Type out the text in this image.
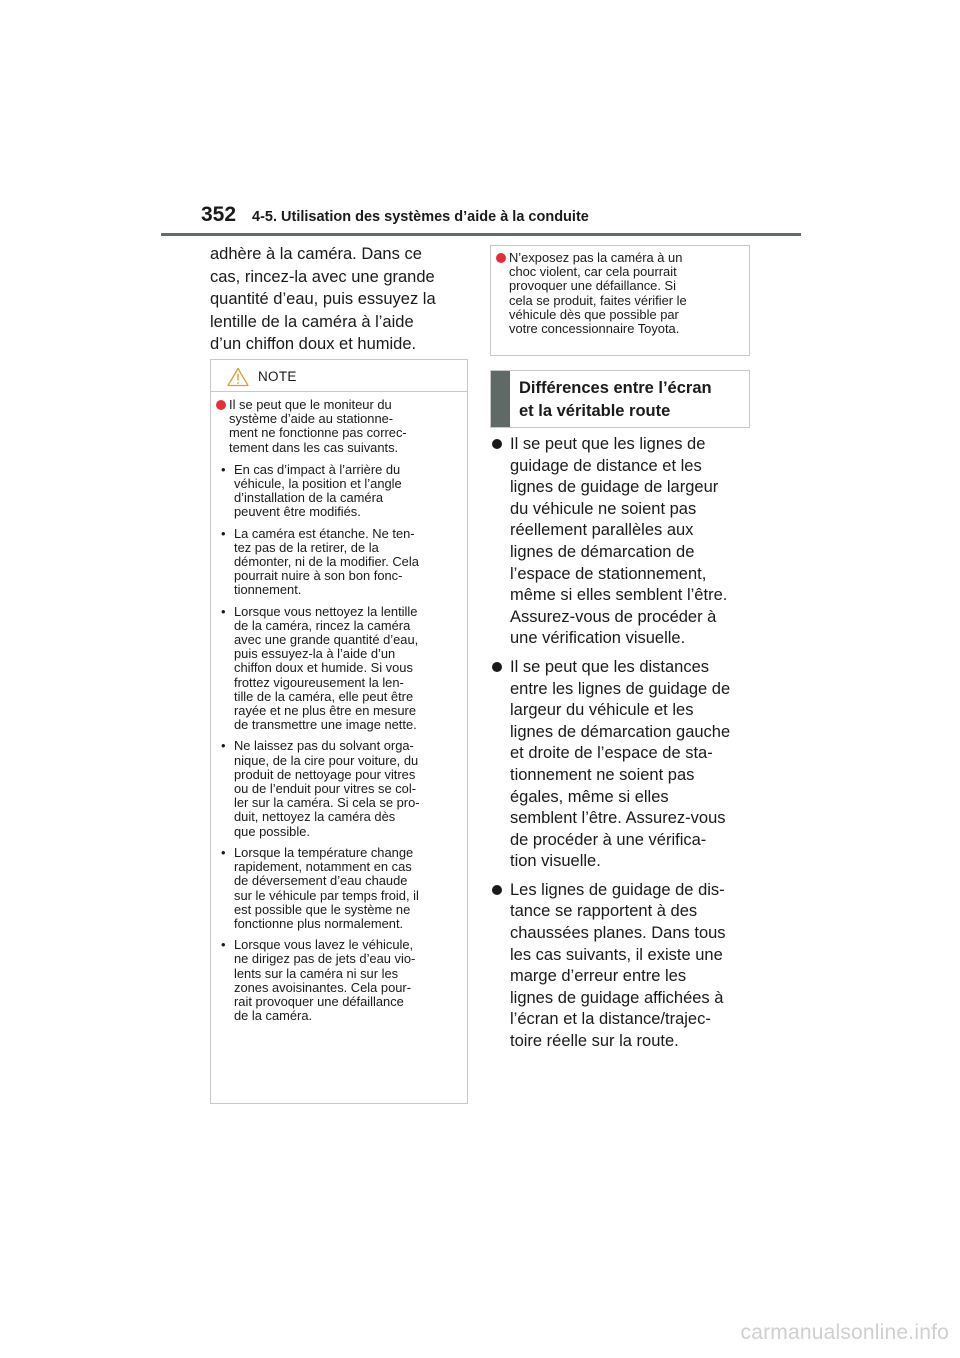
352 4-5. Utilisation des systèmes d’aide à la conduite

adhère à la caméra. Dans ce

cas, rincez-la avec une grande

quantité d’eau, puis essuyez la

lentille de la caméra à l’aide

d’un chiffon doux et humide.

NOTE
Il se peut que le moniteur du
système d’aide au stationne-
ment ne fonctionne pas correc-
tement dans les cas suivants.
• En cas d’impact à l’arrière du
véhicule, la position et l’angle
d’installation de la caméra
peuvent être modifiés.
• La caméra est étanche. Ne ten-
tez pas de la retirer, de la
démonter, ni de la modifier. Cela
pourrait nuire à son bon fonc-
tionnement.
• Lorsque vous nettoyez la lentille
de la caméra, rincez la caméra
avec une grande quantité d’eau,
puis essuyez-la à l’aide d’un
chiffon doux et humide. Si vous
frottez vigoureusement la len-
tille de la caméra, elle peut être
rayée et ne plus être en mesure
de transmettre une image nette.
• Ne laissez pas du solvant orga-
nique, de la cire pour voiture, du
produit de nettoyage pour vitres
ou de l’enduit pour vitres se col-
ler sur la caméra. Si cela se pro-
duit, nettoyez la caméra dès
que possible.
• Lorsque la température change
rapidement, notamment en cas
de déversement d’eau chaude
sur le véhicule par temps froid, il
est possible que le système ne
fonctionne plus normalement.
• Lorsque vous lavez le véhicule,
ne dirigez pas de jets d’eau vio-
lents sur la caméra ni sur les
zones avoisinantes. Cela pour-
rait provoquer une défaillance
de la caméra.
N’exposez pas la caméra à un
choc violent, car cela pourrait
provoquer une défaillance. Si
cela se produit, faites vérifier le
véhicule dès que possible par
votre concessionnaire Toyota.
Différences entre l’écran
et la véritable route
Il se peut que les lignes de
guidage de distance et les
lignes de guidage de largeur
du véhicule ne soient pas
réellement parallèles aux
lignes de démarcation de
l’espace de stationnement,
même si elles semblent l’être.
Assurez-vous de procéder à
une vérification visuelle.
Il se peut que les distances
entre les lignes de guidage de
largeur du véhicule et les
lignes de démarcation gauche
et droite de l’espace de sta-
tionnement ne soient pas
égales, même si elles
semblent l’être. Assurez-vous
de procéder à une vérifica-
tion visuelle.
Les lignes de guidage de dis-
tance se rapportent à des
chaussées planes. Dans tous
les cas suivants, il existe une
marge d’erreur entre les
lignes de guidage affichées à
l’écran et la distance/trajec-
toire réelle sur la route.
carmanualsonline.info
